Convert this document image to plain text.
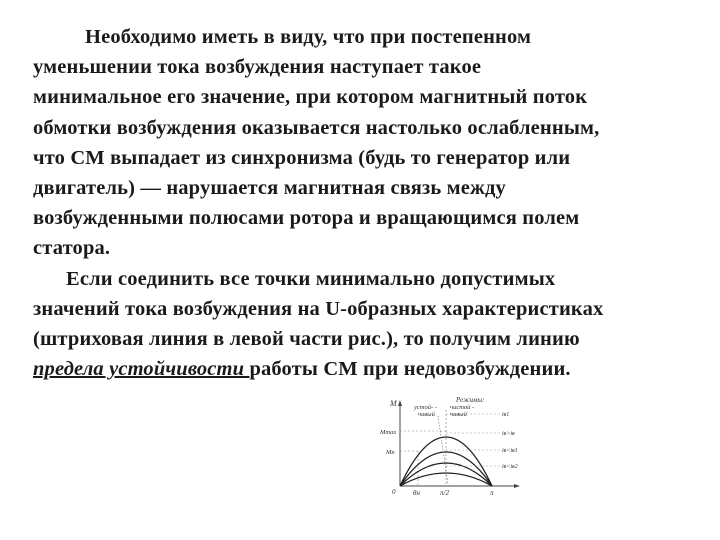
Необходимо иметь в виду, что при постепенном
уменьшении тока возбуждения наступает такое
минимальное его значение, при котором магнитный поток
обмотки возбуждения оказывается настолько ослабленным,
что СМ выпадает из синхронизма (будь то генератор или
двигатель) — нарушается магнитная связь между
возбужденными полюсами ротора и вращающимся полем
статора.
Если соединить все точки минимально допустимых
значений тока возбуждения на U-образных характеристиках
(штриховая линия в левой части рис.), то получим линию
предела устойчивости работы СМ при недовозбуждении.
Режимы:
устой- - чистой -
чивый чивый
M
Mmax
Mн
0	θн	π/2	π
iв1
iв>iв
iв<iв1
iв<iв2
